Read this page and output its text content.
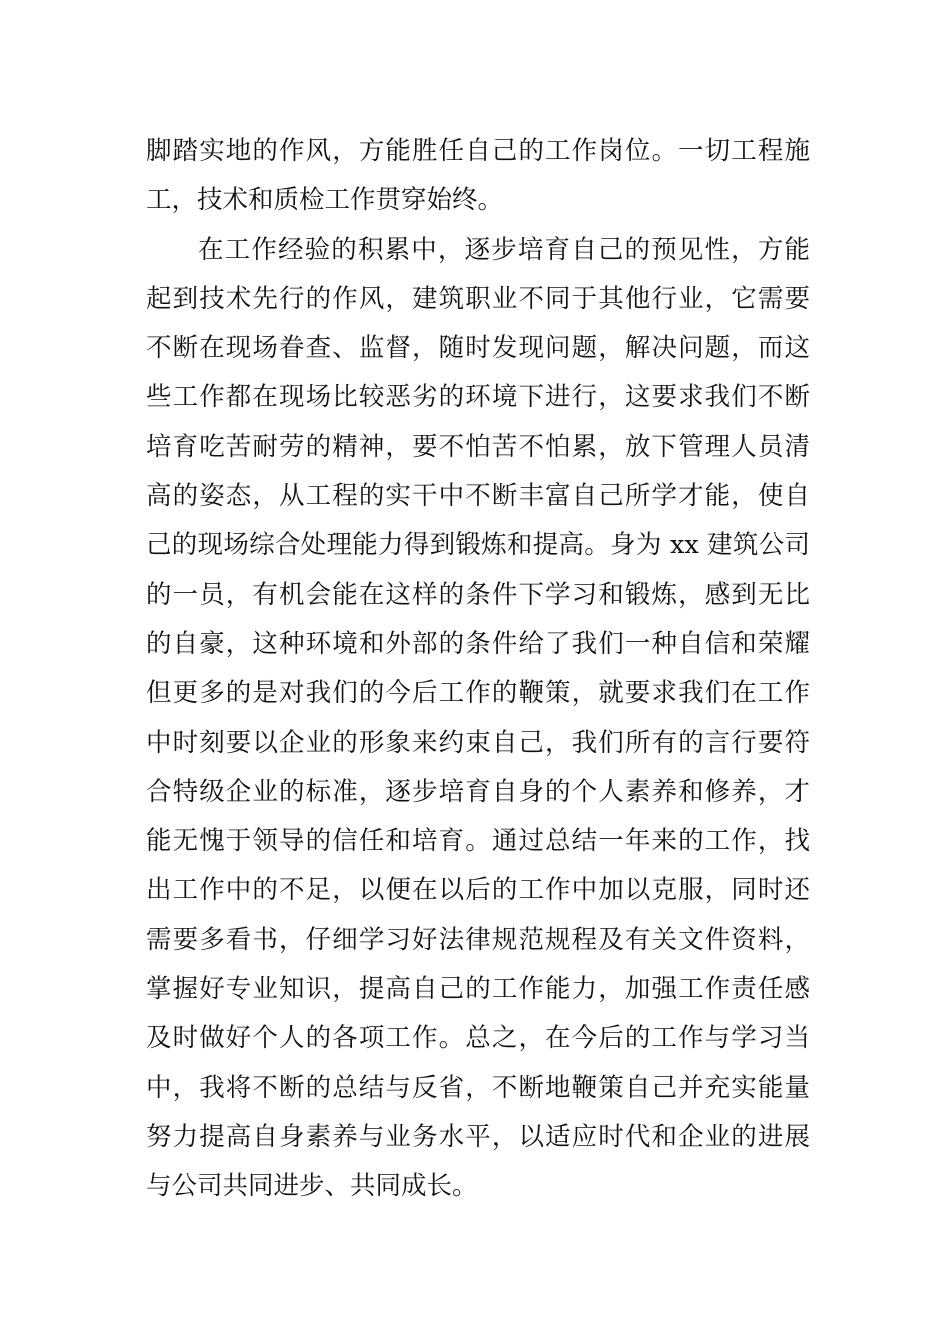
脚踏实地的作风，方能胜任自己的工作岗位。一切工程施
工，技术和质检工作贯穿始终。
在工作经验的积累中，逐步培育自己的预见性，方能
起到技术先行的作风，建筑职业不同于其他行业，它需要
不断在现场眷查、监督，随时发现问题，解决问题，而这
些工作都在现场比较恶劣的环境下进行，这要求我们不断
培育吃苦耐劳的精神，要不怕苦不怕累，放下管理人员清
高的姿态，从工程的实干中不断丰富自己所学才能，使自
己的现场综合处理能力得到锻炼和提高。身为 xx 建筑公司
的一员，有机会能在这样的条件下学习和锻炼，感到无比
的自豪，这种环境和外部的条件给了我们一种自信和荣耀
但更多的是对我们的今后工作的鞭策，就要求我们在工作
中时刻要以企业的形象来约束自己，我们所有的言行要符
合特级企业的标准，逐步培育自身的个人素养和修养，才
能无愧于领导的信任和培育。通过总结一年来的工作，找
出工作中的不足，以便在以后的工作中加以克服，同时还
需要多看书，仔细学习好法律规范规程及有关文件资料，
掌握好专业知识，提高自己的工作能力，加强工作责任感
及时做好个人的各项工作。总之，在今后的工作与学习当
中，我将不断的总结与反省，不断地鞭策自己并充实能量
努力提高自身素养与业务水平，以适应时代和企业的进展
与公司共同进步、共同成长。
